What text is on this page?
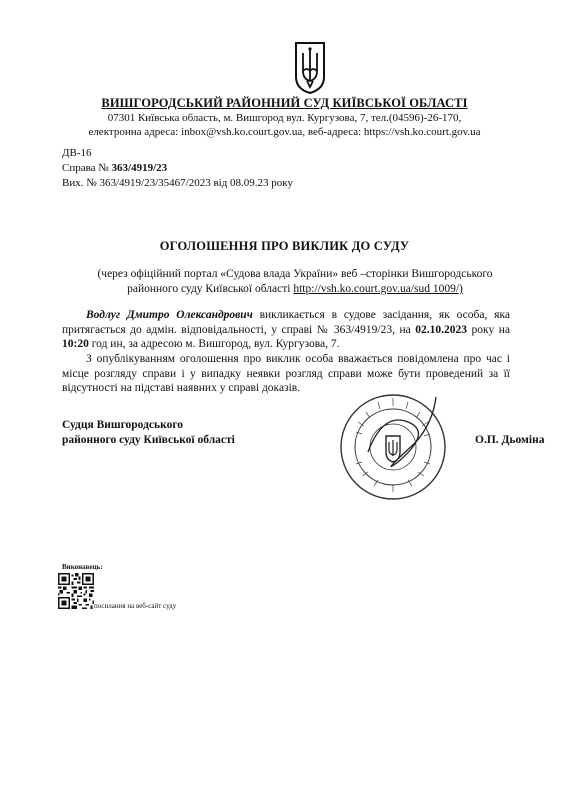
ВИШГОРОДСЬКИЙ РАЙОННИЙ СУД КИЇВСЬКОЇ ОБЛАСТІ
07301 Київська область, м. Вишгород вул. Кургузова, 7, тел.(04596)-26-170,
електронна адреса: inbox@vsh.ko.court.gov.ua, веб-адреса: https://vsh.ko.court.gov.ua
ДВ-16
Справа № 363/4919/23
Вих. № 363/4919/23/35467/2023 від 08.09.23 року
ОГОЛОШЕННЯ ПРО ВИКЛИК ДО СУДУ
(через офіційний портал «Судова влада України» веб –сторінки Вишгородського районного суду Київської області http://vsh.ko.court.gov.ua/sud 1009/)
Водлуг Дмитро Олександрович викликається в судове засідання, як особа, яка притягається до адмін. відповідальності, у справі № 363/4919/23, на 02.10.2023 року на 10:20 год ин, за адресою м. Вишгород, вул. Кургузова, 7.
З опублікуванням оголошення про виклик особа вважається повідомлена про час і місце розгляду справи і у випадку неявки розгляд справи може бути проведений за її відсутності на підставі наявних у справі доказів.
Судця Вишгородського
районного суду Київської області	О.П. Дьоміна
Виконавець:
посилання на веб-сайт суду
